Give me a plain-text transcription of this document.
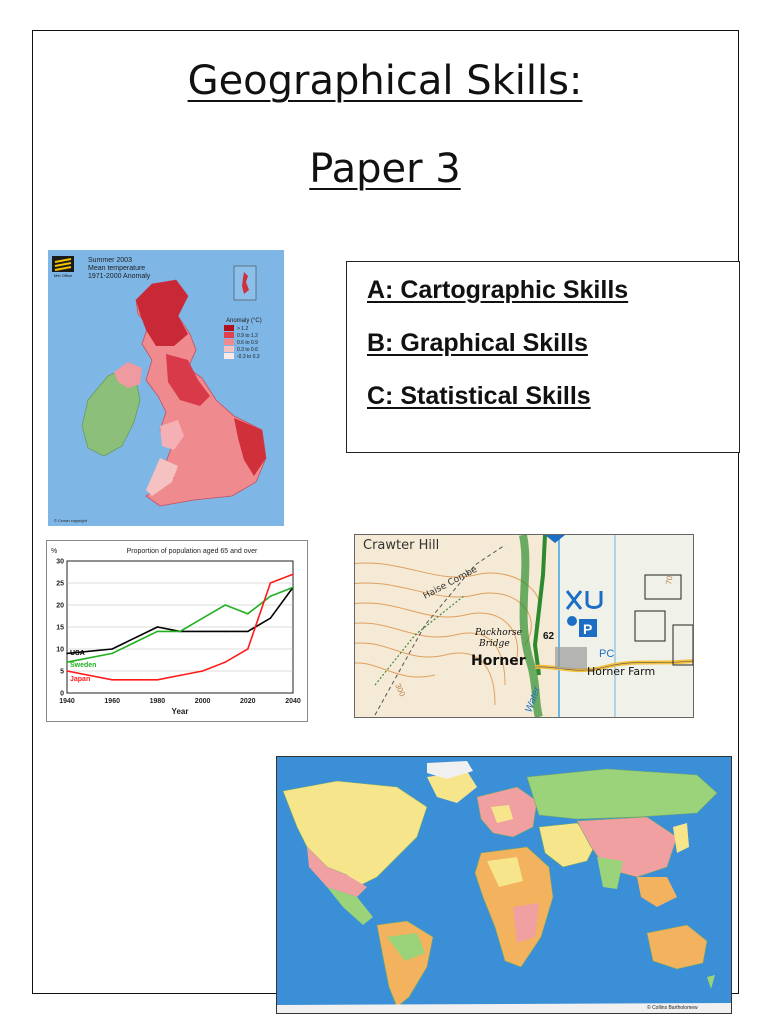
Geographical Skills:
Paper 3
Met Office
Summer 2003
Mean temperature
1971-2000 Anomaly
Anomaly (°C)
> 1.2
0.9 to 1.2
0.6 to 0.9
0.3 to 0.6
-0.3 to 0.3
© Crown copyright
A: Cartographic Skills
B: Graphical Skills
C: Statistical Skills
Proportion of population aged 65 and over
%
0
5
10
15
20
25
30
1940	1960	1980	2000	2020	2040
Year
USA
Sweden
Japan
P
Crawter Hill
Haise Combe
Packhorse
Bridge
Horner
Horner Farm
62
PC
Water
70
300
© Collins Bartholomew
